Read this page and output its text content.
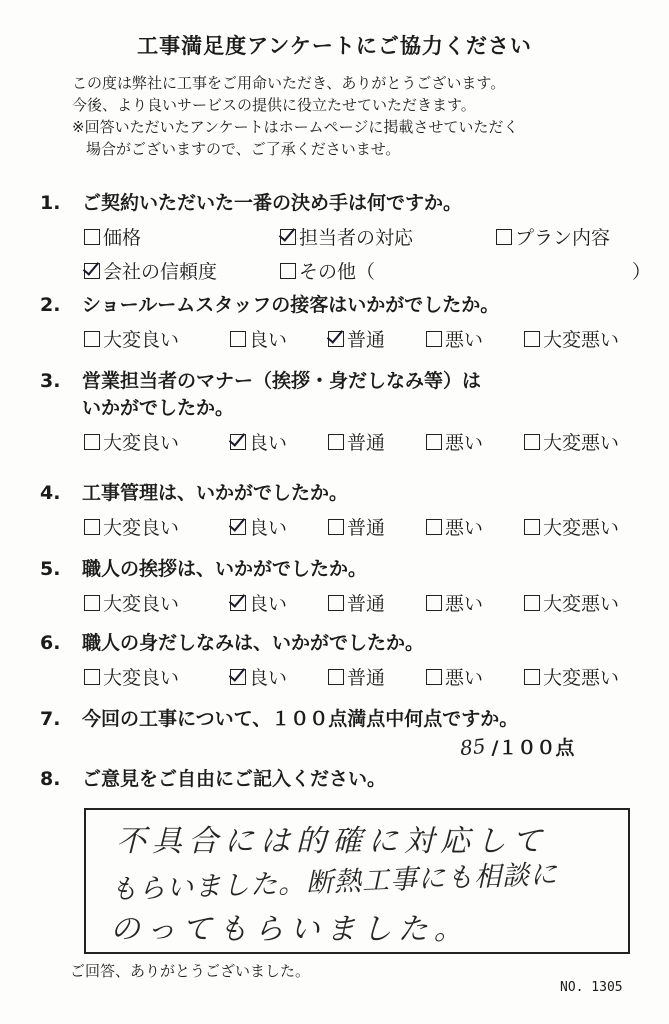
工事満足度アンケートにご協力ください
この度は弊社に工事をご用命いただき、ありがとうございます。
今後、より良いサービスの提供に役立たせていただきます。
※回答いただいたアンケートはホームページに掲載させていただく
場合がございますので、ご了承くださいませ。
1. ご契約いただいた一番の決め手は何ですか。
価格	担当者の対応	プラン内容
会社の信頼度	その他（	）
2. ショールームスタッフの接客はいかがでしたか。
大変良い	良い	普通	悪い	大変悪い
3. 営業担当者のマナー（挨拶・身だしなみ等）は
いかがでしたか。
大変良い	良い	普通	悪い	大変悪い
4. 工事管理は、いかがでしたか。
大変良い	良い	普通	悪い	大変悪い
5. 職人の挨拶は、いかがでしたか。
大変良い	良い	普通	悪い	大変悪い
6. 職人の身だしなみは、いかがでしたか。
大変良い	良い	普通	悪い	大変悪い
7. 今回の工事について、１００点満点中何点ですか。
85 /１００点
8. ご意見をご自由にご記入ください。
不具合には的確に対応して
もらいました。断熱工事にも相談に
のってもらいました。
ご回答、ありがとうございました。
NO. 1305
